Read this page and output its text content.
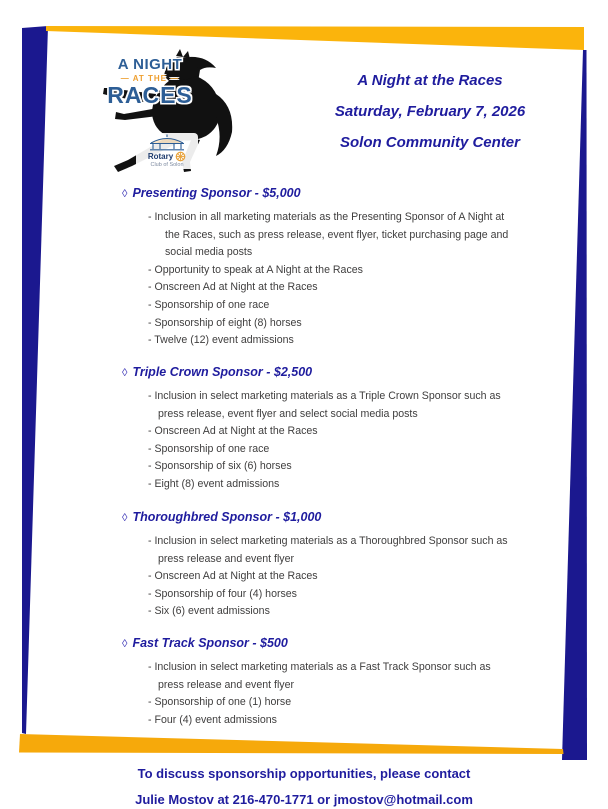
A NIGHT
— AT THE —
RACES
Rotary
Club of Solon
A Night at the Races
Saturday, February 7, 2026
Solon Community Center
◊ Presenting Sponsor - $5,000
- Inclusion in all marketing materials as the Presenting Sponsor of A Night at
the Races, such as press release, event flyer, ticket purchasing page and
social media posts
- Opportunity to speak at A Night at the Races
- Onscreen Ad at Night at the Races
- Sponsorship of one race
- Sponsorship of eight (8) horses
- Twelve (12) event admissions
◊ Triple Crown Sponsor - $2,500
- Inclusion in select marketing materials as a Triple Crown Sponsor such as
press release, event flyer and select social media posts
- Onscreen Ad at Night at the Races
- Sponsorship of one race
- Sponsorship of six (6) horses
- Eight (8) event admissions
◊ Thoroughbred Sponsor - $1,000
- Inclusion in select marketing materials as a Thoroughbred Sponsor such as
press release and event flyer
- Onscreen Ad at Night at the Races
- Sponsorship of four (4) horses
- Six (6) event admissions
◊ Fast Track Sponsor - $500
- Inclusion in select marketing materials as a Fast Track Sponsor such as
press release and event flyer
- Sponsorship of one (1) horse
- Four (4) event admissions
To discuss sponsorship opportunities, please contact
Julie Mostov at 216-470-1771 or jmostov@hotmail.com
